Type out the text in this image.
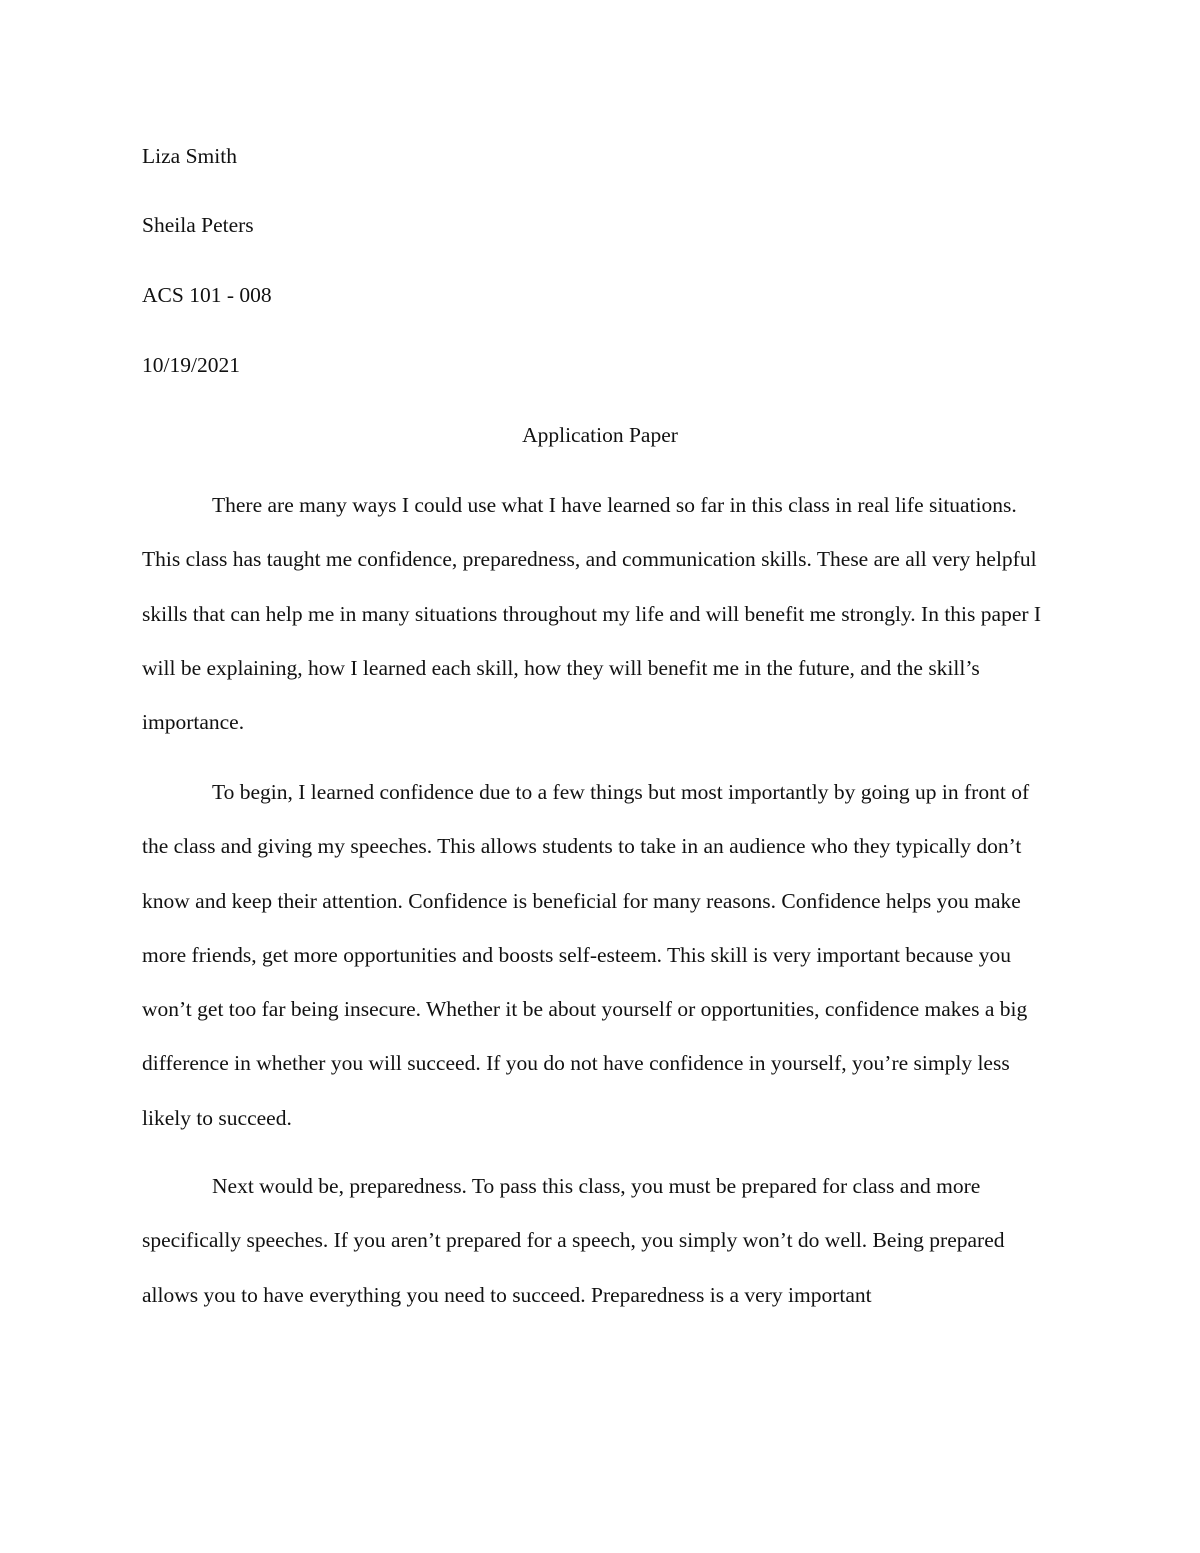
Liza Smith

Sheila Peters

ACS 101 - 008

10/19/2021

Application Paper

There are many ways I could use what I have learned so far in this class in real life situations. This class has taught me confidence, preparedness, and communication skills. These are all very helpful skills that can help me in many situations throughout my life and will benefit me strongly. In this paper I will be explaining, how I learned each skill, how they will benefit me in the future, and the skill’s importance.

To begin, I learned confidence due to a few things but most importantly by going up in front of the class and giving my speeches. This allows students to take in an audience who they typically don’t know and keep their attention. Confidence is beneficial for many reasons. Confidence helps you make more friends, get more opportunities and boosts self-esteem. This skill is very important because you won’t get too far being insecure. Whether it be about yourself or opportunities, confidence makes a big difference in whether you will succeed. If you do not have confidence in yourself, you’re simply less likely to succeed.

Next would be, preparedness. To pass this class, you must be prepared for class and more specifically speeches. If you aren’t prepared for a speech, you simply won’t do well. Being prepared allows you to have everything you need to succeed. Preparedness is a very important
